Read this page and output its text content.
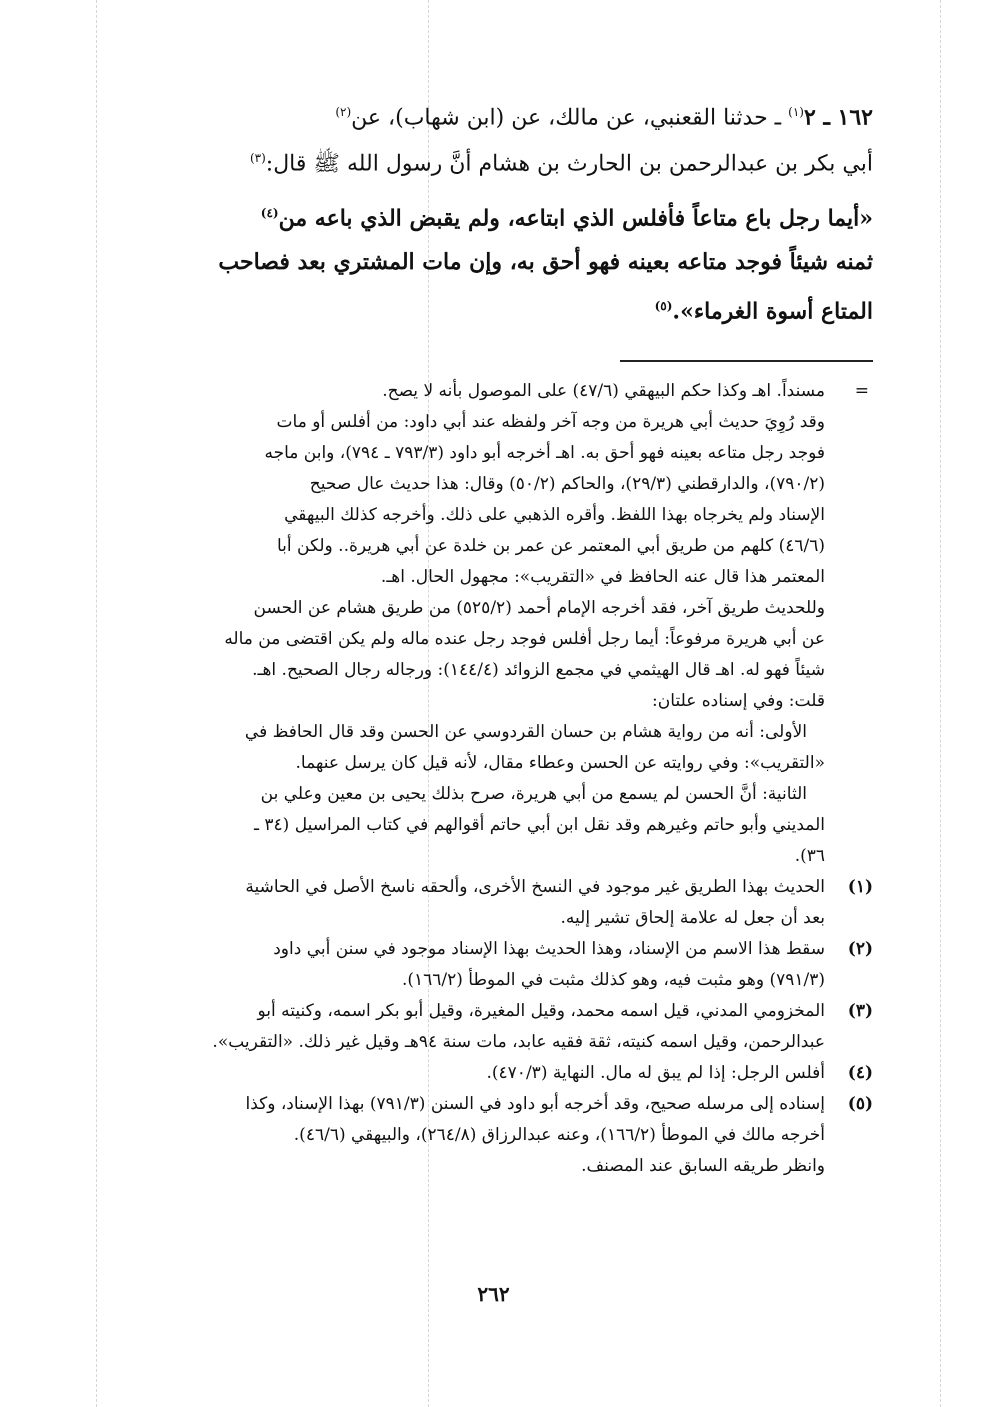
١٦٢ ـ ٢$^{(١)}$ ـ حدثنا القعنبي، عن مالك، عن (ابن شهاب)، عن$^{(٢)}$
أبي بكر بن عبدالرحمن بن الحارث بن هشام أنَّ رسول الله ﷺ قال:$^{(٣)}$

«أيما رجل باع متاعاً فأفلس الذي ابتاعه، ولم يقبض الذي باعه من$^{(٤)}$
ثمنه شيئاً فوجد متاعه بعينه فهو أحق به، وإن مات المشتري بعد فصاحب
المتاع أسوة الغرماء».$^{(٥)}$

=

مسنداً. اهـ وكذا حكم البيهقي (٤٧/٦) على الموصول بأنه لا يصح.

وقد رُوِيَ حديث أبي هريرة من وجه آخر ولفظه عند أبي داود: من أفلس أو مات

فوجد رجل متاعه بعينه فهو أحق به. اهـ أخرجه أبو داود (٧٩٣/٣ ـ ٧٩٤)، وابن ماجه

(٧٩٠/٢)، والدارقطني (٢٩/٣)، والحاكم (٥٠/٢) وقال: هذا حديث عال صحيح

الإسناد ولم يخرجاه بهذا اللفظ. وأقره الذهبي على ذلك. وأخرجه كذلك البيهقي

(٤٦/٦) كلهم من طريق أبي المعتمر عن عمر بن خلدة عن أبي هريرة.. ولكن أبا

المعتمر هذا قال عنه الحافظ في «التقريب»: مجهول الحال. اهـ.

وللحديث طريق آخر، فقد أخرجه الإمام أحمد (٥٢٥/٢) من طريق هشام عن الحسن

عن أبي هريرة مرفوعاً: أيما رجل أفلس فوجد رجل عنده ماله ولم يكن اقتضى من ماله

شيئاً فهو له. اهـ قال الهيثمي في مجمع الزوائد (١٤٤/٤): ورجاله رجال الصحيح. اهـ.

قلت: وفي إسناده علتان:

الأولى: أنه من رواية هشام بن حسان القردوسي عن الحسن وقد قال الحافظ في

«التقريب»: وفي روايته عن الحسن وعطاء مقال، لأنه قيل كان يرسل عنهما.

الثانية: أنَّ الحسن لم يسمع من أبي هريرة، صرح بذلك يحيى بن معين وعلي بن

المديني وأبو حاتم وغيرهم وقد نقل ابن أبي حاتم أقوالهم في كتاب المراسيل (٣٤ ـ

٣٦).

(١)
الحديث بهذا الطريق غير موجود في النسخ الأخرى، وألحقه ناسخ الأصل في الحاشية
بعد أن جعل له علامة إلحاق تشير إليه.
(٢)
سقط هذا الاسم من الإسناد، وهذا الحديث بهذا الإسناد موجود في سنن أبي داود
(٧٩١/٣) وهو مثبت فيه، وهو كذلك مثبت في الموطأ (١٦٦/٢).
(٣)
المخزومي المدني، قيل اسمه محمد، وقيل المغيرة، وقيل أبو بكر اسمه، وكنيته أبو
عبدالرحمن، وقيل اسمه كنيته، ثقة فقيه عابد، مات سنة ٩٤هـ وقيل غير ذلك. «التقريب».
(٤)
أفلس الرجل: إذا لم يبق له مال. النهاية (٤٧٠/٣).
(٥)
إسناده إلى مرسله صحيح، وقد أخرجه أبو داود في السنن (٧٩١/٣) بهذا الإسناد، وكذا
أخرجه مالك في الموطأ (١٦٦/٢)، وعنه عبدالرزاق (٢٦٤/٨)، والبيهقي (٤٦/٦).
وانظر طريقه السابق عند المصنف.
٢٦٢
